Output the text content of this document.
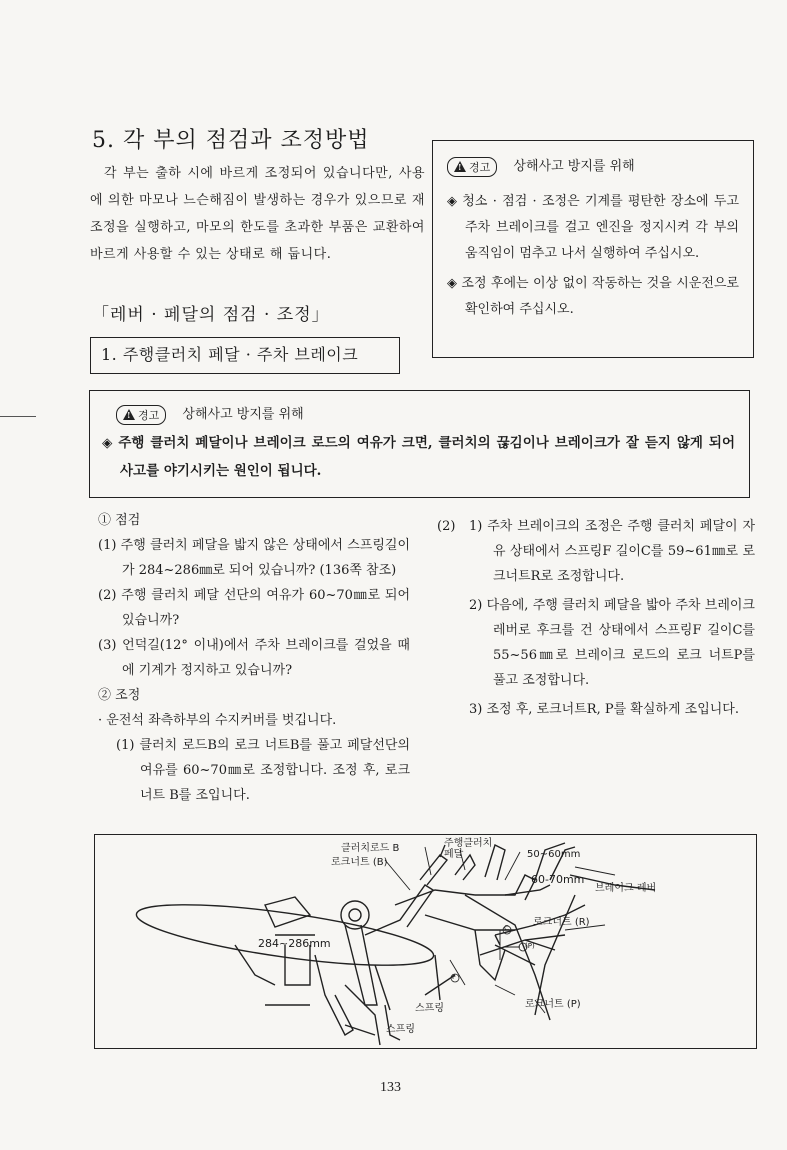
5. 각 부의 점검과 조정방법

각 부는 출하 시에 바르게 조정되어 있습니다만, 사용에 의한 마모나 느슨해짐이 발생하는 경우가 있으므로 재 조정을 실행하고, 마모의 한도를 초과한 부품은 교환하여 바르게 사용할 수 있는 상태로 해 둡니다.

「레버 · 페달의 점검 · 조정」
1. 주행클러치 페달 · 주차 브레이크
!
경고 상해사고 방지를 위해
◈ 청소 · 점검 · 조정은 기계를 평탄한 장소에 두고 주차 브레이크를 걸고 엔진을 정지시켜 각 부의 움직임이 멈추고 나서 실행하여 주십시오.
◈ 조정 후에는 이상 없이 작동하는 것을 시운전으로 확인하여 주십시오.
!
경고 상해사고 방지를 위해
◈ 주행 클러치 페달이나 브레이크 로드의 여유가 크면, 클러치의 끊김이나 브레이크가 잘 듣지 않게 되어 사고를 야기시키는 원인이 됩니다.

① 점검

(1) 주행 클러치 페달을 밟지 않은 상태에서 스프링길이가 284~286㎜로 되어 있습니까? (136쪽 참조)

(2) 주행 클러치 페달 선단의 여유가 60~70㎜로 되어 있습니까?

(3) 언덕길(12° 이내)에서 주차 브레이크를 걸었을 때에 기계가 정지하고 있습니까?

② 조정

· 운전석 좌측하부의 수지커버를 벗깁니다.

(1) 클러치 로드B의 로크 너트B를 풀고 페달선단의 여유를 60~70㎜로 조정합니다. 조정 후, 로크너트 B를 조입니다.

(2)	1) 주차 브레이크의 조정은 주행 클러치 페달이 자유 상태에서 스프링F 길이C를 59~61㎜로 로크너트R로 조정합니다.

2) 다음에, 주행 클러치 페달을 밟아 주차 브레이크 레버로 후크를 건 상태에서 스프링F 길이C를 55~56㎜로 브레이크 로드의 로크 너트P를 풀고 조정합니다.

3) 조정 후, 로크너트R, P를 확실하게 조입니다.

클러치로드 B	주행클러치 페달
로크너트 (B)
50~60mm
60-70mm
브레이크 레버
로크너트 (R)
284~286mm
C
F
(P)
스프링
스프링
로크너트 (P)
133
